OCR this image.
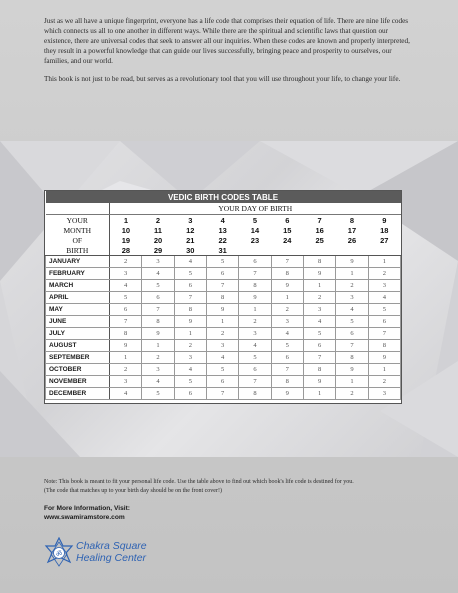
Just as we all have a unique fingerprint, everyone has a life code that comprises their equation of life. There are nine life codes which connects us all to one another in different ways. While there are the spiritual and scientific laws that question our existence, there are universal codes that seek to answer all our inquiries. When these codes are known and properly interpreted, they result in a powerful knowledge that can guide our lives successfully, bringing peace and prosperity to ourselves, our families, and our world.

This book is not just to be read, but serves as a revolutionary tool that you will use throughout your life, to change your life.

VEDIC BIRTH CODES TABLE									
	YOUR DAY OF BIRTH								
YOUR	1	2	3	4	5	6	7	8	9
MONTH	10	11	12	13	14	15	16	17	18
OF	19	20	21	22	23	24	25	26	27
BIRTH	28	29	30	31					
JANUARY	2	3	4	5	6	7	8	9	1
FEBRUARY	3	4	5	6	7	8	9	1	2
MARCH	4	5	6	7	8	9	1	2	3
APRIL	5	6	7	8	9	1	2	3	4
MAY	6	7	8	9	1	2	3	4	5
JUNE	7	8	9	1	2	3	4	5	6
JULY	8	9	1	2	3	4	5	6	7
AUGUST	9	1	2	3	4	5	6	7	8
SEPTEMBER	1	2	3	4	5	6	7	8	9
OCTOBER	2	3	4	5	6	7	8	9	1
NOVEMBER	3	4	5	6	7	8	9	1	2
DECEMBER	4	5	6	7	8	9	1	2	3
Note: This book is meant to fit your personal life code. Use the table above to find out which book's life code is destined for you.
(The code that matches up to your birth day should be on the front cover!)
For More Information, Visit:
www.swamiramstore.com
ॐ
Chakra Square
Healing Center
